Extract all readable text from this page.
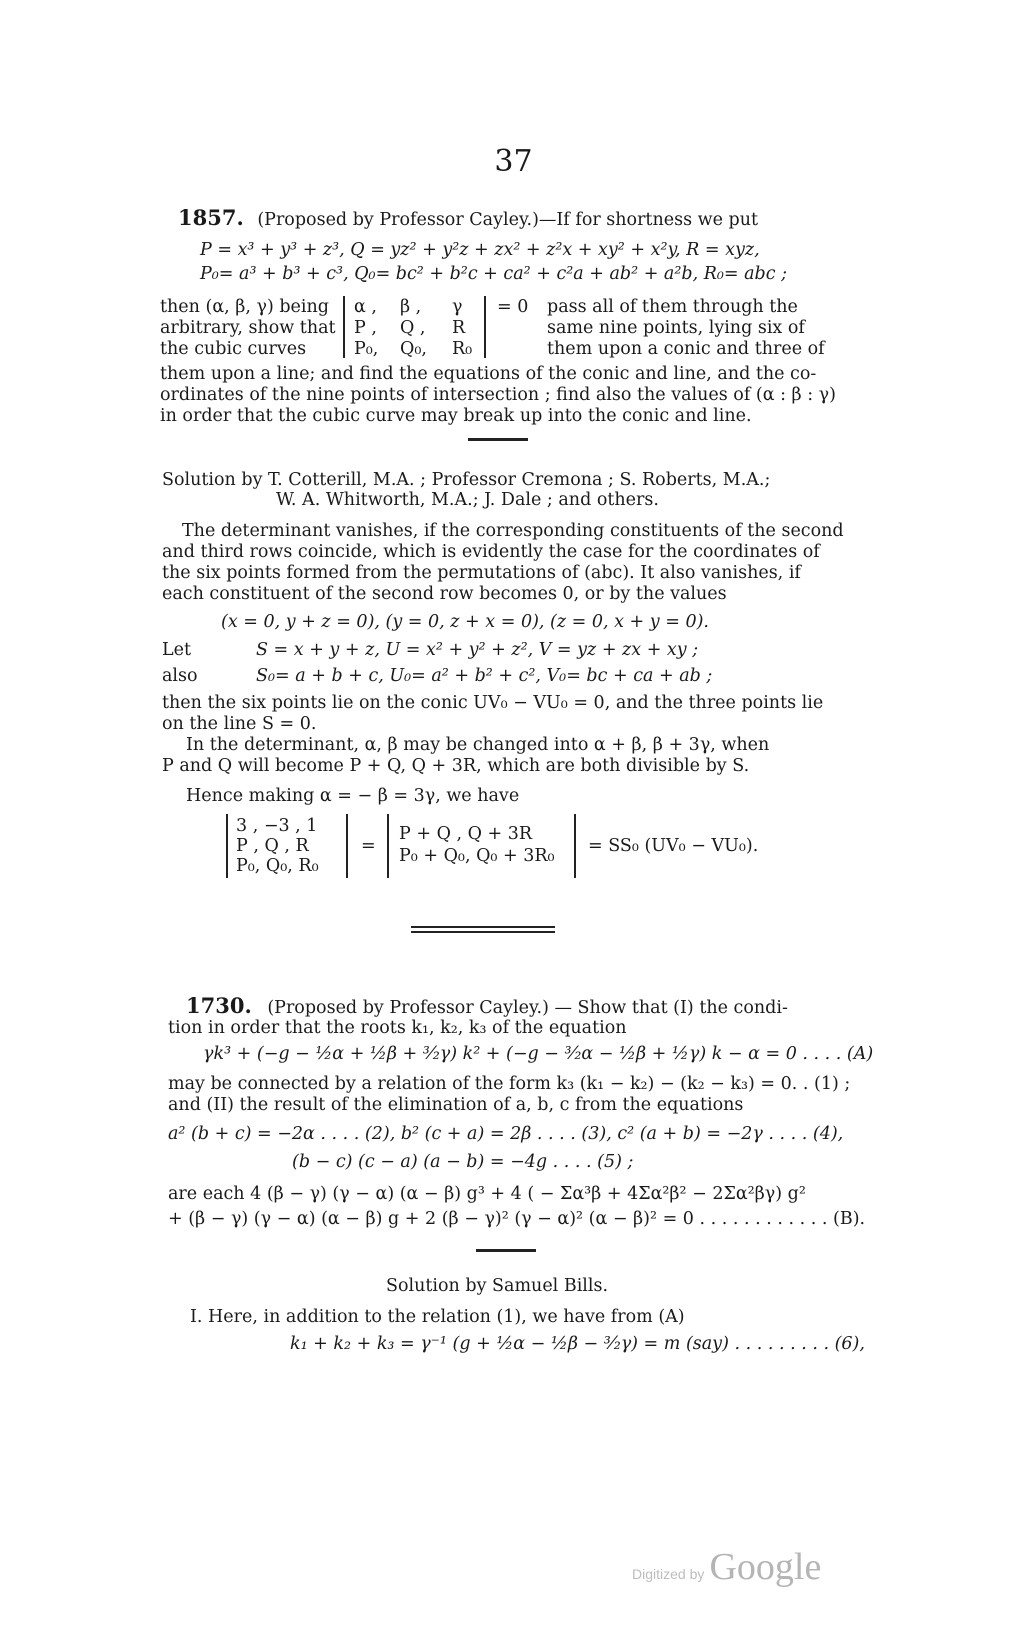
37
1857. (Proposed by Professor Cayley.)—If for shortness we put
P = x³ + y³ + z³, Q = yz² + y²z + zx² + z²x + xy² + x²y, R = xyz,
P₀= a³ + b³ + c³, Q₀= bc² + b²c + ca² + c²a + ab² + a²b, R₀= abc ;
then (α, β, γ) being
arbitrary, show that
the cubic curves
α , β , γ
P , Q , R
P₀, Q₀, R₀
= 0 pass all of them through the
same nine points, lying six of
them upon a conic and three of
them upon a line; and find the equations of the conic and line, and the co-
ordinates of the nine points of intersection ; find also the values of (α : β : γ)
in order that the cubic curve may break up into the conic and line.
Solution by T. Cotterill, M.A. ; Professor Cremona ; S. Roberts, M.A.;
W. A. Whitworth, M.A.; J. Dale ; and others.
The determinant vanishes, if the corresponding constituents of the second
and third rows coincide, which is evidently the case for the coordinates of
the six points formed from the permutations of (abc). It also vanishes, if
each constituent of the second row becomes 0, or by the values
(x = 0, y + z = 0), (y = 0, z + x = 0), (z = 0, x + y = 0).
Let	S = x + y + z, U = x² + y² + z², V = yz + zx + xy ;
also	S₀= a + b + c, U₀= a² + b² + c², V₀= bc + ca + ab ;
then the six points lie on the conic UV₀ − VU₀ = 0, and the three points lie
on the line S = 0.
In the determinant, α, β may be changed into α + β, β + 3γ, when
P and Q will become P + Q, Q + 3R, which are both divisible by S.
Hence making α = − β = 3γ, we have
3 , −3 , 1
P , Q , R
P₀, Q₀, R₀
=
P + Q , Q + 3R
P₀ + Q₀, Q₀ + 3R₀ = SS₀ (UV₀ − VU₀).
1730. (Proposed by Professor Cayley.) — Show that (I) the condi-
tion in order that the roots k₁, k₂, k₃ of the equation
γk³ + (−g − ½α + ½β + ³⁄₂γ) k² + (−g − ³⁄₂α − ½β + ½γ) k − α = 0 . . . . (A)
may be connected by a relation of the form k₃ (k₁ − k₂) − (k₂ − k₃) = 0. . (1) ;
and (II) the result of the elimination of a, b, c from the equations
a² (b + c) = −2α . . . . (2), b² (c + a) = 2β . . . . (3), c² (a + b) = −2γ . . . . (4),
(b − c) (c − a) (a − b) = −4g . . . . (5) ;
are each 4 (β − γ) (γ − α) (α − β) g³ + 4 ( − Σα³β + 4Σα²β² − 2Σα²βγ) g²
+ (β − γ) (γ − α) (α − β) g + 2 (β − γ)² (γ − α)² (α − β)² = 0 . . . . . . . . . . . . (B).
Solution by Samuel Bills.
I. Here, in addition to the relation (1), we have from (A)
k₁ + k₂ + k₃ = γ⁻¹ (g + ½α − ½β − ³⁄₂γ) = m (say) . . . . . . . . . (6),
Digitized by Google
